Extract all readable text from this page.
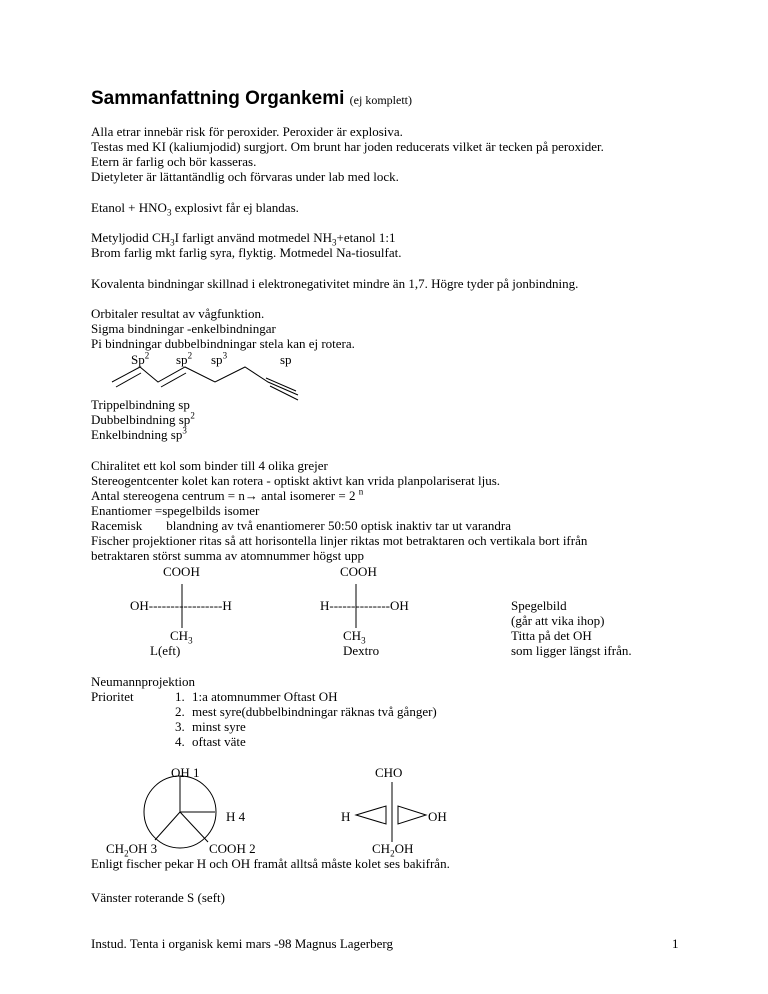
Sammanfattning Organkemi (ej komplett)
Alla etrar innebär risk för peroxider. Peroxider är explosiva.
Testas med KI (kaliumjodid) surgjort. Om brunt har joden reducerats vilket är tecken på peroxider.
Etern är farlig och bör kasseras.
Dietyleter är lättantändlig och förvaras under lab med lock.
Etanol + $HNO_3$ explosivt får ej blandas.
Metyljodid $CH_3I$ farligt använd motmedel $NH_3+etanol$ 1:1
Brom farlig mkt farlig syra, flyktig. Motmedel Na-tiosulfat.
Kovalenta bindningar skillnad i elektronegativitet mindre än 1,7. Högre tyder på jonbindning.
Orbitaler resultat av vågfunktion.
Sigma bindningar -enkelbindningar
Pi bindningar dubbelbindningar stela kan ej rotera.
Sp$^2$ $sp^2$ $sp^3$	sp
Trippelbindning sp
Dubbelbindning $sp^2$
Enkelbindning $sp^3$
Chiralitet ett kol som binder till 4 olika grejer
Stereogentcenter kolet kan rotera - optiskt aktivt kan vrida planpolariserat ljus.
Antal stereogena centrum = n→ antal isomerer = 2 $^n$
Enantiomer =spegelbilds isomer
Racemisk blandning av två enantiomerer 50:50 optisk inaktiv tar ut varandra
Fischer projektioner ritas så att horisontella linjer riktas mot betraktaren och vertikala bort ifrån
betraktaren störst summa av atomnummer högst upp
COOH	COOH
OH-----------------H	H--------------OH
$CH_3$	$CH_3$
L(eft)	Dextro
Spegelbild
(går att vika ihop)
Titta på det OH
som ligger längst ifrån.
Neumannprojektion
Prioritet	1. 1:a atomnummer Oftast OH
2. mest syre(dubbelbindningar räknas två gånger)
3. minst syre
4. oftast väte
OH 1
H 4
$CH_2OH$ 3	COOH 2
CHO
H	OH
$CH_2OH$
Enligt fischer pekar H och OH framåt alltså måste kolet ses bakifrån.
Vänster roterande S (seft)
Instud. Tenta i organisk kemi mars -98 Magnus Lagerberg	1
